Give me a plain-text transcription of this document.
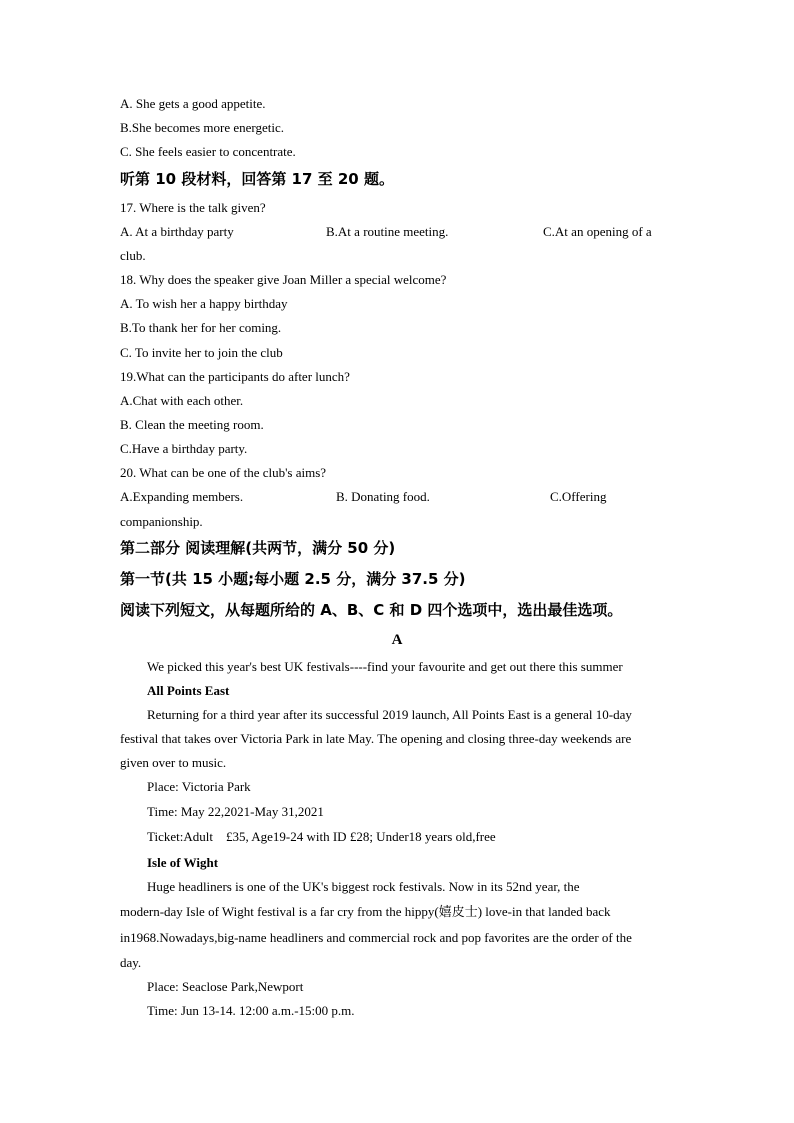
A. She gets a good appetite.
B.She becomes more energetic.
C. She feels easier to concentrate.
听第 10 段材料，回答第 17 至 20 题。
17. Where is the talk given?
A. At a birthday party	B.At a routine meeting.	C.At an opening of a
club.
18. Why does the speaker give Joan Miller a special welcome?
A. To wish her a happy birthday
B.To thank her for her coming.
C. To invite her to join the club
19.What can the participants do after lunch?
A.Chat with each other.
B. Clean the meeting room.
C.Have a birthday party.
20. What can be one of the club's aims?
A.Expanding members.	B. Donating food.	C.Offering
companionship.
第二部分 阅读理解(共两节，满分 50 分)
第一节(共 15 小题;每小题 2.5 分，满分 37.5 分)
阅读下列短文，从每题所给的 A、B、C 和 D 四个选项中，选出最佳选项。
A
We picked this year's best UK festivals----find your favourite and get out there this summer
All Points East
Returning for a third year after its successful 2019 launch, All Points East is a general 10-day
festival that takes over Victoria Park in late May. The opening and closing three-day weekends are
given over to music.
Place: Victoria Park
Time: May 22,2021-May 31,2021
Ticket:Adult    £35, Age19-24 with ID £28; Under18 years old,free
Isle of Wight
Huge headliners is one of the UK's biggest rock festivals. Now in its 52nd year, the
modern-day Isle of Wight festival is a far cry from the hippy(嬉皮士) love-in that landed back
in1968.Nowadays,big-name headliners and commercial rock and pop favorites are the order of the
day.
Place: Seaclose Park,Newport
Time: Jun 13-14. 12:00 a.m.-15:00 p.m.
